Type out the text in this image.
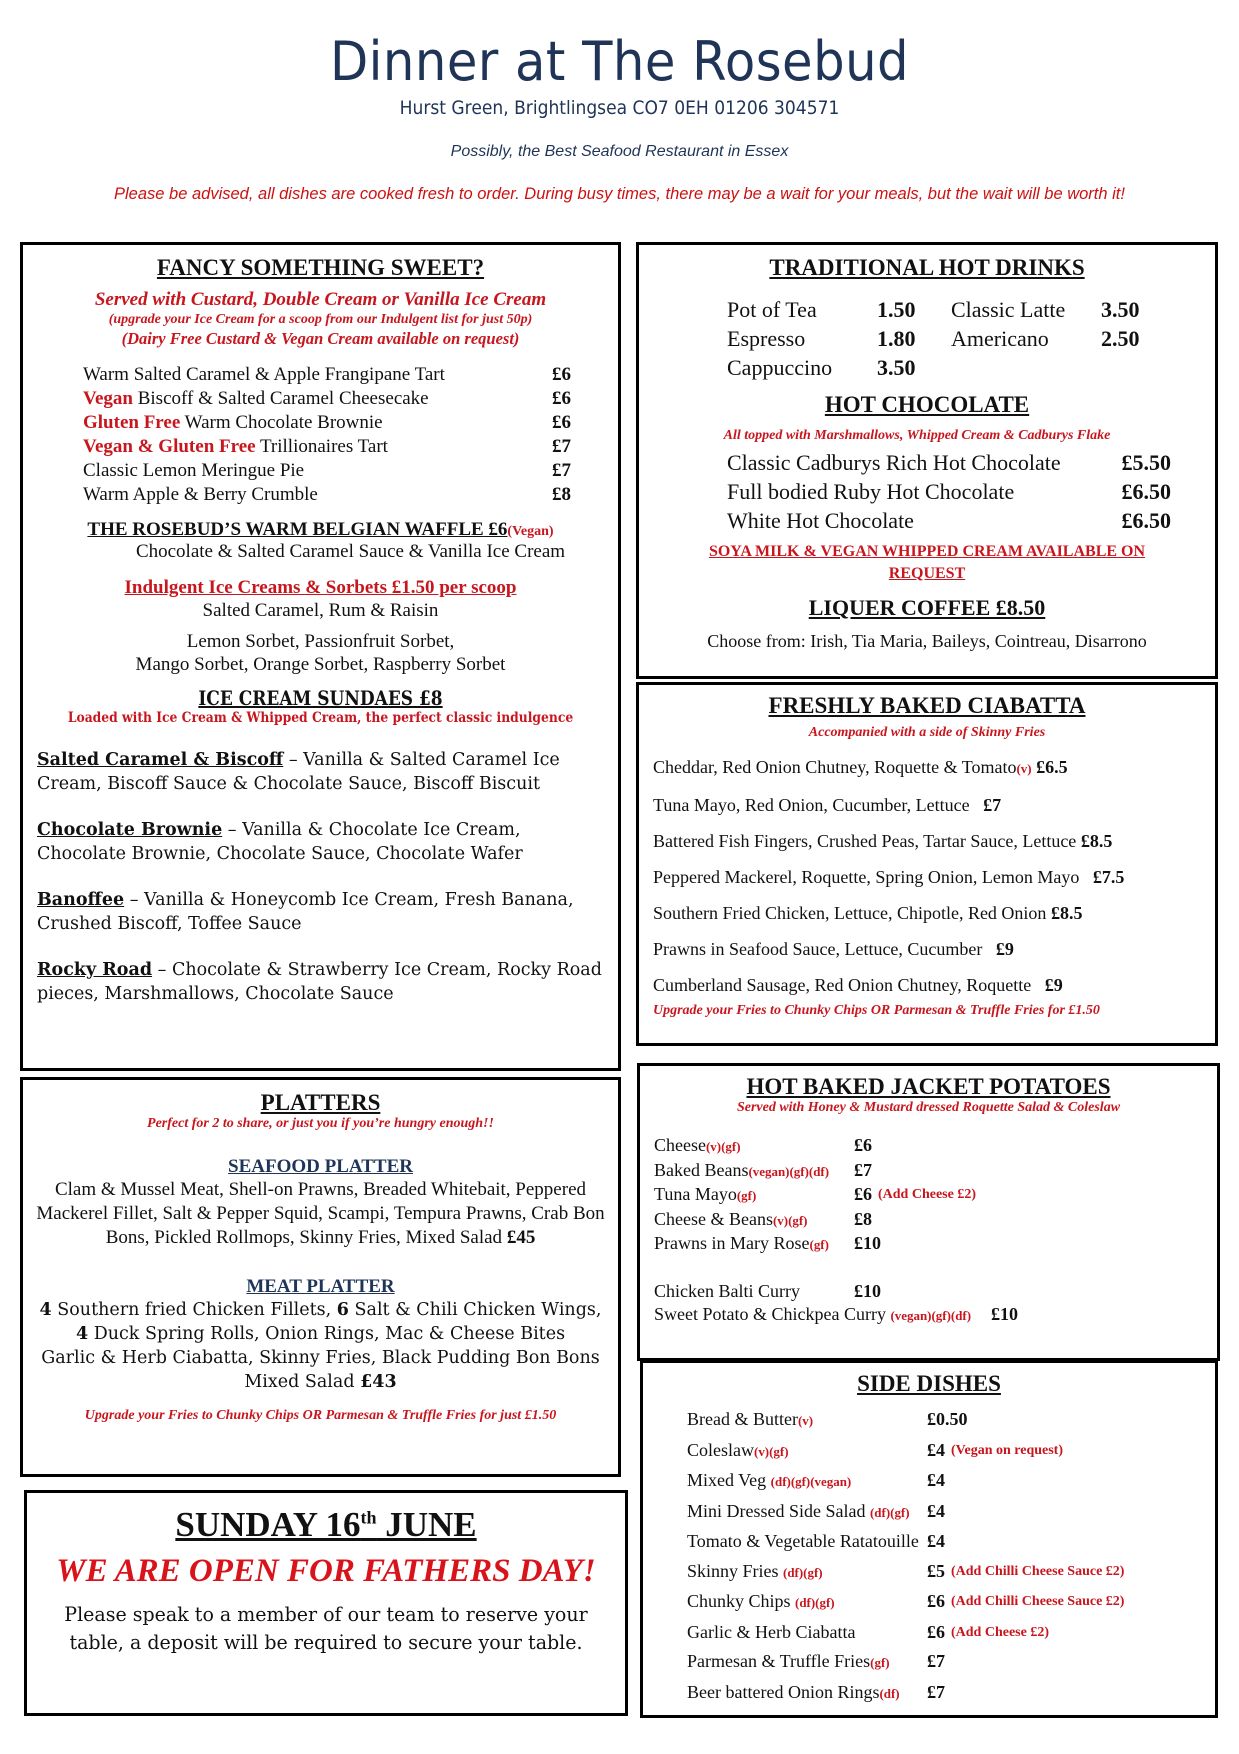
Dinner at The Rosebud
Hurst Green, Brightlingsea CO7 0EH 01206 304571
Possibly, the Best Seafood Restaurant in Essex
Please be advised, all dishes are cooked fresh to order. During busy times, there may be a wait for your meals, but the wait will be worth it!
FANCY SOMETHING SWEET?
Served with Custard, Double Cream or Vanilla Ice Cream
(upgrade your Ice Cream for a scoop from our Indulgent list for just 50p)
(Dairy Free Custard & Vegan Cream available on request)
Warm Salted Caramel & Apple Frangipane Tart	£6
Vegan Biscoff & Salted Caramel Cheesecake	£6
Gluten Free Warm Chocolate Brownie	£6
Vegan & Gluten Free Trillionaires Tart	£7
Classic Lemon Meringue Pie	£7
Warm Apple & Berry Crumble	£8
THE ROSEBUD’S WARM BELGIAN WAFFLE £6(Vegan)
Chocolate & Salted Caramel Sauce & Vanilla Ice Cream
Indulgent Ice Creams & Sorbets £1.50 per scoop
Salted Caramel, Rum & Raisin
Lemon Sorbet, Passionfruit Sorbet,
Mango Sorbet, Orange Sorbet, Raspberry Sorbet
ICE CREAM SUNDAES £8
Loaded with Ice Cream & Whipped Cream, the perfect classic indulgence
Salted Caramel & Biscoff – Vanilla & Salted Caramel Ice Cream, Biscoff Sauce & Chocolate Sauce, Biscoff Biscuit
Chocolate Brownie – Vanilla & Chocolate Ice Cream, Chocolate Brownie, Chocolate Sauce, Chocolate Wafer
Banoffee – Vanilla & Honeycomb Ice Cream, Fresh Banana, Crushed Biscoff, Toffee Sauce
Rocky Road – Chocolate & Strawberry Ice Cream, Rocky Road pieces, Marshmallows, Chocolate Sauce
PLATTERS
Perfect for 2 to share, or just you if you’re hungry enough!!
SEAFOOD PLATTER
Clam & Mussel Meat, Shell-on Prawns, Breaded Whitebait, Peppered Mackerel Fillet, Salt & Pepper Squid, Scampi, Tempura Prawns, Crab Bon Bons, Pickled Rollmops, Skinny Fries, Mixed Salad £45
MEAT PLATTER
4 Southern fried Chicken Fillets, 6 Salt & Chili Chicken Wings,
4 Duck Spring Rolls, Onion Rings, Mac & Cheese Bites
Garlic & Herb Ciabatta, Skinny Fries, Black Pudding Bon Bons
Mixed Salad £43
Upgrade your Fries to Chunky Chips OR Parmesan & Truffle Fries for just £1.50
SUNDAY 16th JUNE
WE ARE OPEN FOR FATHERS DAY!
Please speak to a member of our team to reserve your table, a deposit will be required to secure your table.
TRADITIONAL HOT DRINKS
Pot of Tea	1.50	Classic Latte	3.50
Espresso	1.80	Americano	2.50
Cappuccino	3.50
HOT CHOCOLATE
All topped with Marshmallows, Whipped Cream & Cadburys Flake
Classic Cadburys Rich Hot Chocolate	£5.50
Full bodied Ruby Hot Chocolate	£6.50
White Hot Chocolate	£6.50
SOYA MILK & VEGAN WHIPPED CREAM AVAILABLE ON REQUEST
LIQUER COFFEE £8.50
Choose from: Irish, Tia Maria, Baileys, Cointreau, Disarrono
FRESHLY BAKED CIABATTA
Accompanied with a side of Skinny Fries
Cheddar, Red Onion Chutney, Roquette & Tomato(v) £6.5
Tuna Mayo, Red Onion, Cucumber, Lettuce   £7
Battered Fish Fingers, Crushed Peas, Tartar Sauce, Lettuce £8.5
Peppered Mackerel, Roquette, Spring Onion, Lemon Mayo   £7.5
Southern Fried Chicken, Lettuce, Chipotle, Red Onion £8.5
Prawns in Seafood Sauce, Lettuce, Cucumber   £9
Cumberland Sausage, Red Onion Chutney, Roquette   £9
Upgrade your Fries to Chunky Chips OR Parmesan & Truffle Fries for £1.50
HOT BAKED JACKET POTATOES
Served with Honey & Mustard dressed Roquette Salad & Coleslaw
Cheese(v)(gf)	£6
Baked Beans(vegan)(gf)(df)	£7
Tuna Mayo(gf)	£6 (Add Cheese £2)
Cheese & Beans(v)(gf)	£8
Prawns in Mary Rose(gf)	£10
Chicken Balti Curry	£10
Sweet Potato & Chickpea Curry (vegan)(gf)(df) £10
SIDE DISHES
Bread & Butter(v)	£0.50
Coleslaw(v)(gf)	£4 (Vegan on request)
Mixed Veg (df)(gf)(vegan)	£4
Mini Dressed Side Salad (df)(gf) £4
Tomato & Vegetable Ratatouille £4
Skinny Fries (df)(gf)	£5 (Add Chilli Cheese Sauce £2)
Chunky Chips (df)(gf)	£6 (Add Chilli Cheese Sauce £2)
Garlic & Herb Ciabatta	£6 (Add Cheese £2)
Parmesan & Truffle Fries(gf)	£7
Beer battered Onion Rings(df)	£7
